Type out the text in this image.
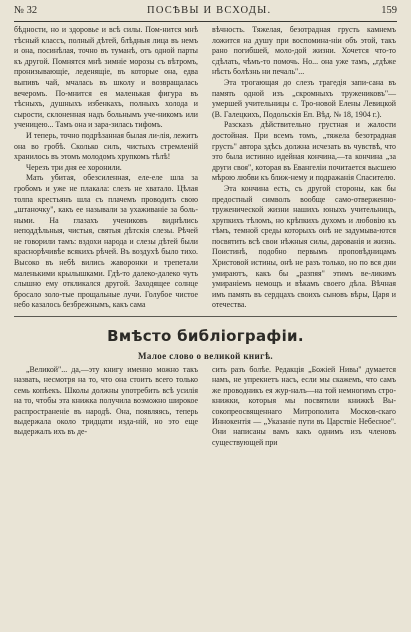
№ 32	ПОСѢВЫ И ВСХОДЫ.	159

бѣдности, но и здоровье и всѣ силы. Пом-нится мнѣ тѣсный классъ, полный дѣтей, блѣдныя лица въ немъ и она, посинѣлая, точно въ туманѣ, отъ одной парты къ другой. Помнятся мнѣ зимніе морозы съ вѣтромъ, пронизывающіе, леденящіе, въ которые она, едва выпивъ чай, мчалась въ школу и возвращалась вечеромъ. По-мнится ея маленькая фигура въ тѣсныхъ, душныхъ избенкахъ, полныхъ холода и сырости, склоненная надъ больнымъ уче-никомъ или ученицею... Тамъ она и зара-зилась тифомъ.

И теперь, точно подрѣзанная былая ли-лія, лежитъ она во гробѣ. Сколько силъ, чистыхъ стремленій хранилось въ этомъ молодомъ хрупкомъ тѣлѣ!

Черезъ три дня ее хоронили.

Мать убитая, обезсиленная, еле-еле шла за гробомъ и уже не плакала: слезъ не хватало. Цѣлая толпа крестьянъ шла съ плачемъ проводить свою „штаночку", какъ ее называли за ухаживаніе за боль-ными. На глазахъ учениковъ виднѣлись неподдѣльныя, чистыя, святыя дѣтскія слезы. Рѣчей не говорили тамъ: вздохи народа и слезы дѣтей были краснорѣчивѣе всякихъ рѣчей. Въ воздухѣ было тихо. Высоко въ небѣ вились жаворонки и трепетали маленькими крылышками. Гдѣ-то далеко-далеко чуть слышно ему откликался другой. Заходящее солнце бросало золо-тые прощальные лучи. Голубое чистое небо казалось безбрежнымъ, какъ сама

вѣчность. Тяжелая, безотрадная грусть камнемъ ложится на душу при воспомина-ніи объ этой, такъ рано погибшей, моло-дой жизни. Хочется что-то сдѣлать, чѣмъ-то помочь. Но... она уже тамъ, „гдѣже нѣсть болѣзнь ни печаль"...

Эта трогающая до слезъ трагедія запи-сана въ память одной изъ „скромныхъ тружениковъ"—умершей учительницы с. Тро-новой Елены Левицкой (В. Галецкихъ, Подольскія Еп. Вѣд. № 18, 1904 г.).

Разсказъ дѣйствительно грустная и жалости достойная. При всемъ томъ, „тяжела безотрадная грусть" автора здѣсь должна исчезать въ чувствѣ, что это была истинно идейная кончина,—та кончина „за други своя", которая въ Евангеліи почитается высшею мѣрою любви къ ближ-нему и подражанія Спасителю.

Эта кончина есть, съ другой стороны, как бы предостный символъ вообще само-отверженно-труженической жизни нашихъ юныхъ учительницъ, хрупкихъ тѣломъ, но крѣпкихъ духомъ и любовію къ тѣмъ, темной среды которыхъ онѣ не задумыва-ются посвятить всѣ свои нѣжныя силы, дарованія и жизнь. Поистинѣ, подобно первымъ проповѣдницамъ Христовой истины, онѣ не разъ только, но по вся дни умираютъ, какъ бы „разпяя" этимъ ве-ликимъ умираніемъ немощъ и вѣкамъ своего дѣла. Вѣчная имъ память въ сердцахъ своихъ сыновъ вѣры, Царя и отечества.

Вмѣсто библіографіи.
Малое слово о великой книгѣ.

„Великой"... да,—эту книгу именно можно такъ назвать, несмотря на то, что она стоитъ всего только семь копѣекъ. Школы должны употребить всѣ усилія на то, чтобы эта книжка получила возможно широкое распространеніе въ народѣ. Она, появляясь, теперь выдержала около тридцати изда-ній, но это еще выдержалъ ихъ въ де-

сить разъ болѣе. Редакція „Божіей Нивы" думается намъ, не упрекнетъ насъ, если мы скажемъ, что самъ же проводникъ ея жур-налъ—на той немногимъ стро-книжки, которыя мы посвятили книжкѣ Вы-сокопреосвященнаго Митрополита Москов-скаго Иннокентія — „Указаніе пути въ Царствіе Небесное". Они написаны вамъ какъ однимъ изъ членовъ существующей при
